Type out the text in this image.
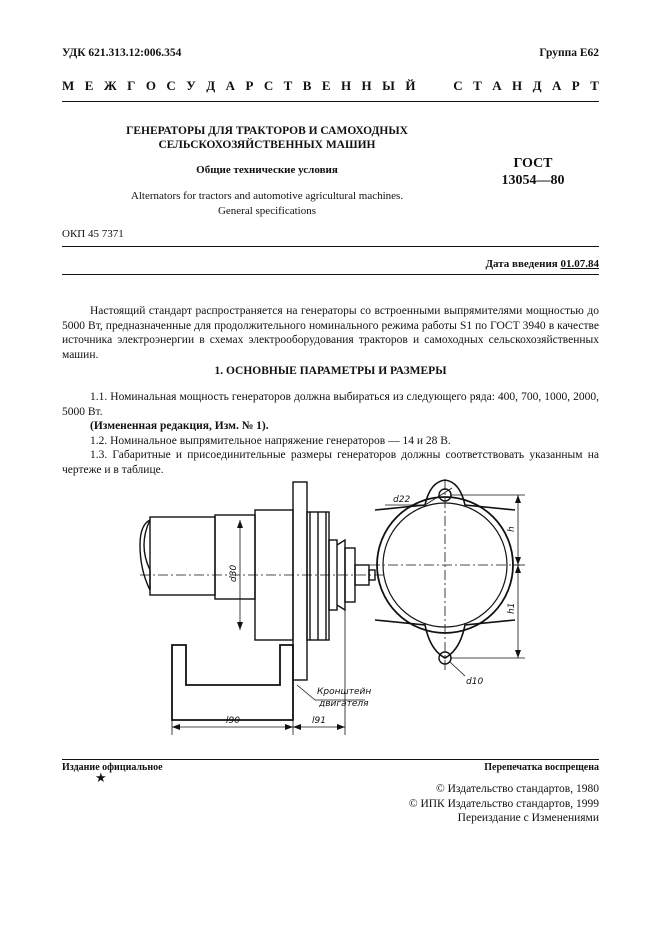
УДК 621.313.12:006.354	Группа Е62
М Е Ж Г О С У Д А Р С Т В Е Н Н Ы Й

	С Т А Н Д А Р Т
ГЕНЕРАТОРЫ ДЛЯ ТРАКТОРОВ И САМОХОДНЫХ
СЕЛЬСКОХОЗЯЙСТВЕННЫХ МАШИН
Общие технические условия
Alternators for tractors and automotive agricultural machines.
General specifications
ГОСТ
13054—80
ОКП 45 7371
Дата введения 01.07.84

Настоящий стандарт распространяется на генераторы со встроенными выпрямителями мощностью до 5000 Вт, предназначенные для продолжительного номинального режима работы S1 по ГОСТ 3940 в качестве источника электроэнергии в схемах электрооборудования тракторов и самоходных сельскохозяйственных машин.

1. ОСНОВНЫЕ ПАРАМЕТРЫ И РАЗМЕРЫ

1.1. Номинальная мощность генераторов должна выбираться из следующего ряда: 400, 700, 1000, 2000, 5000 Вт.

(Измененная редакция, Изм. № 1).

1.2. Номинальное выпрямительное напряжение генераторов — 14 и 28 В.

1.3. Габаритные и присоединительные размеры генераторов должны соответствовать указанным на чертеже и в таблице.

d30
l90	l91
Кронштейн
двигателя
d22
d10
h
h1
Издание официальное
★
Перепечатка воспрещена
© Издательство стандартов, 1980
© ИПК Издательство стандартов, 1999
Переиздание с Изменениями
